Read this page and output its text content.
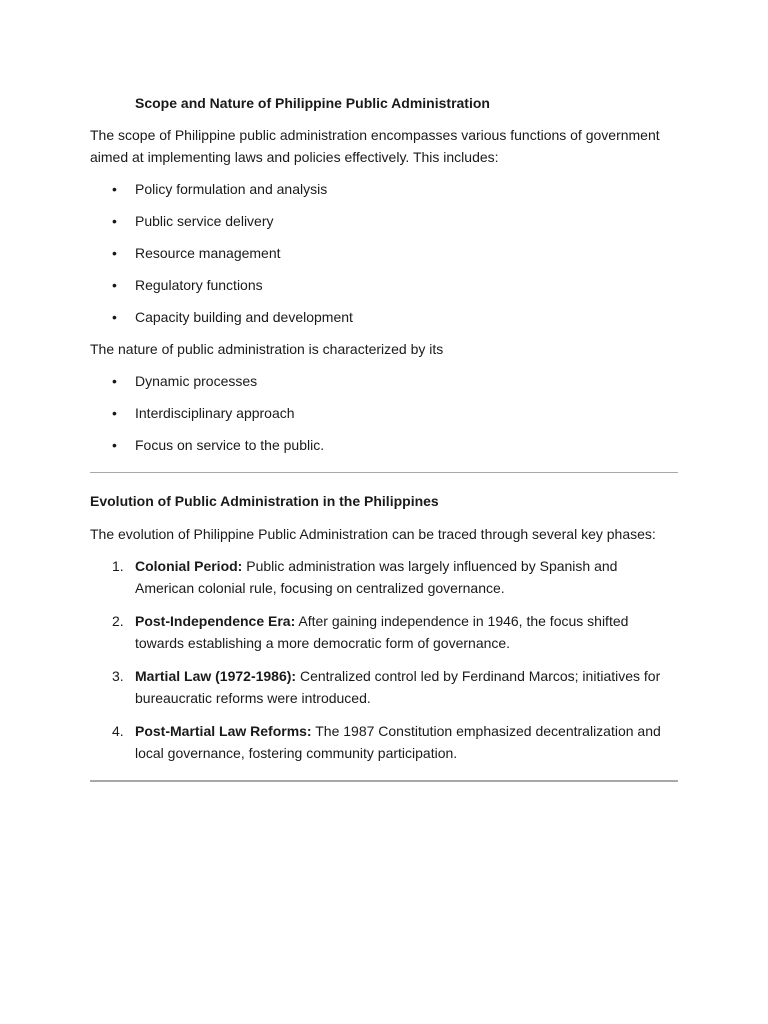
Scope and Nature of Philippine Public Administration

The scope of Philippine public administration encompasses various functions of government aimed at implementing laws and policies effectively. This includes:

• Policy formulation and analysis
• Public service delivery
• Resource management
• Regulatory functions
• Capacity building and development

The nature of public administration is characterized by its

• Dynamic processes
• Interdisciplinary approach
• Focus on service to the public.
Evolution of Public Administration in the Philippines

The evolution of Philippine Public Administration can be traced through several key phases:

1. Colonial Period: Public administration was largely influenced by Spanish and American colonial rule, focusing on centralized governance.
2. Post-Independence Era: After gaining independence in 1946, the focus shifted towards establishing a more democratic form of governance.
3. Martial Law (1972-1986): Centralized control led by Ferdinand Marcos; initiatives for bureaucratic reforms were introduced.
4. Post-Martial Law Reforms: The 1987 Constitution emphasized decentralization and local governance, fostering community participation.
